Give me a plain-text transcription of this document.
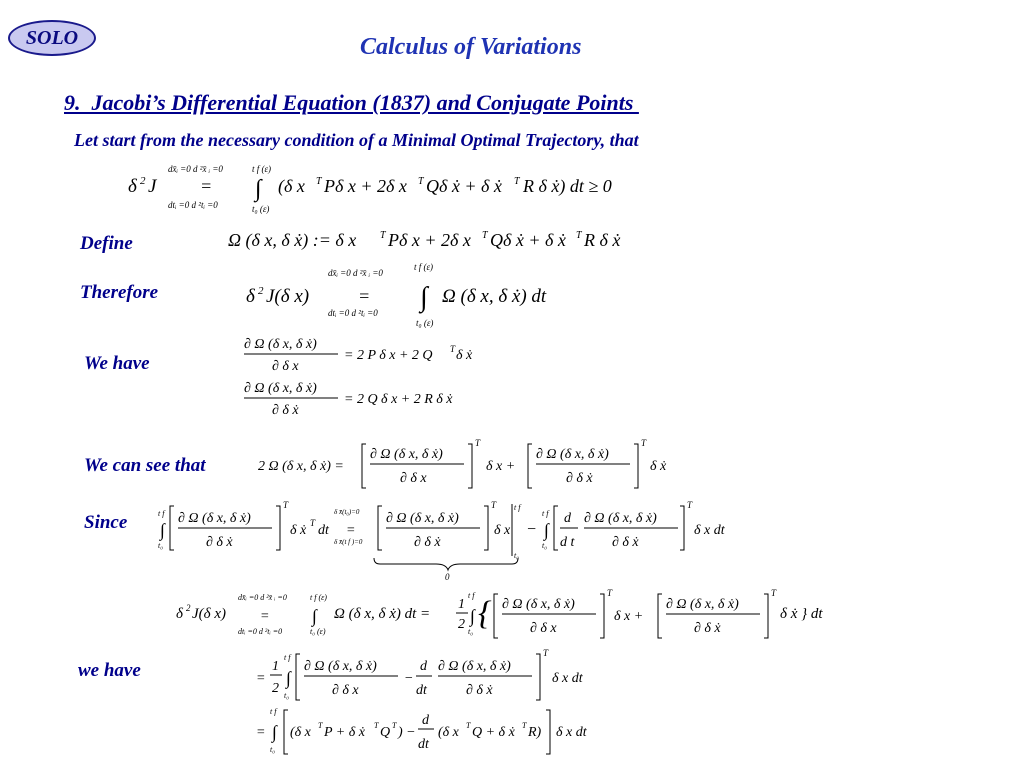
SOLO	Calculus of Variations
9.  Jacobi’s Differential Equation (1837) and Conjugate Points
Let start from the necessary condition of a Minimal Optimal Trajectory, that
Define
Therefore
We have
We can see that
Since
we have
δ 2 J
dx̄ᵢ =0 d ²x̄ ᵢ =0
=
dtᵢ =0 d ²tᵢ =0
t f (ε)
∫
t₀ (ε)
(δ x T Pδ x + 2δ x T Qδ ẋ + δ ẋ T R δ ẋ) dt ≥ 0
Ω (δ x, δ ẋ) := δ x T Pδ x + 2δ x T Qδ ẋ + δ ẋ T R δ ẋ
δ 2 J(δ x)
dx̄ᵢ =0 d ²x̄ ᵢ =0
=
dtᵢ =0 d ²tᵢ =0
t f (ε)
∫
t₀ (ε)
Ω (δ x, δ ẋ) dt
∂ Ω (δ x, δ ẋ)
∂ δ x
= 2 P δ x + 2 Q T δ ẋ
∂ Ω (δ x, δ ẋ)
∂ δ ẋ
= 2 Q δ x + 2 R δ ẋ
2 Ω (δ x, δ ẋ) =
∂ Ω (δ x, δ ẋ)
∂ δ x
T
δ x +
∂ Ω (δ x, δ ẋ)
∂ δ ẋ
T
δ ẋ
t f
∫
t₀
∂ Ω (δ x, δ ẋ)
∂ δ ẋ
T
δ ẋ T dt
δ x̄(t₀)=0
=
δ x̄(t f )=0
∂ Ω (δ x, δ ẋ)
∂ δ ẋ
T
δ x
t f
t₀
−
t f
∫
t₀
d
d t
∂ Ω (δ x, δ ẋ)
∂ δ ẋ
T
δ x dt
0
δ 2 J(δ x)
dx̄ᵢ =0 d ²x̄ ᵢ =0
=
dtᵢ =0 d ²tᵢ =0
t f (ε)
∫
t₀ (ε)
Ω (δ x, δ ẋ) dt =
1
2 ∫
t f
t₀ { ∂ Ω (δ x, δ ẋ)
∂ δ x
T
δ x +
∂ Ω (δ x, δ ẋ)
∂ δ ẋ
T
δ ẋ } dt
=
1
2
t f
∫
t₀
∂ Ω (δ x, δ ẋ)
∂ δ x
−
d
dt
∂ Ω (δ x, δ ẋ)
∂ δ ẋ
T
δ x dt
=
t f
∫
t₀
(δ x T P + δ ẋ T Q T ) −
d
dt
(δ x T Q + δ ẋ T R) δ x dt
